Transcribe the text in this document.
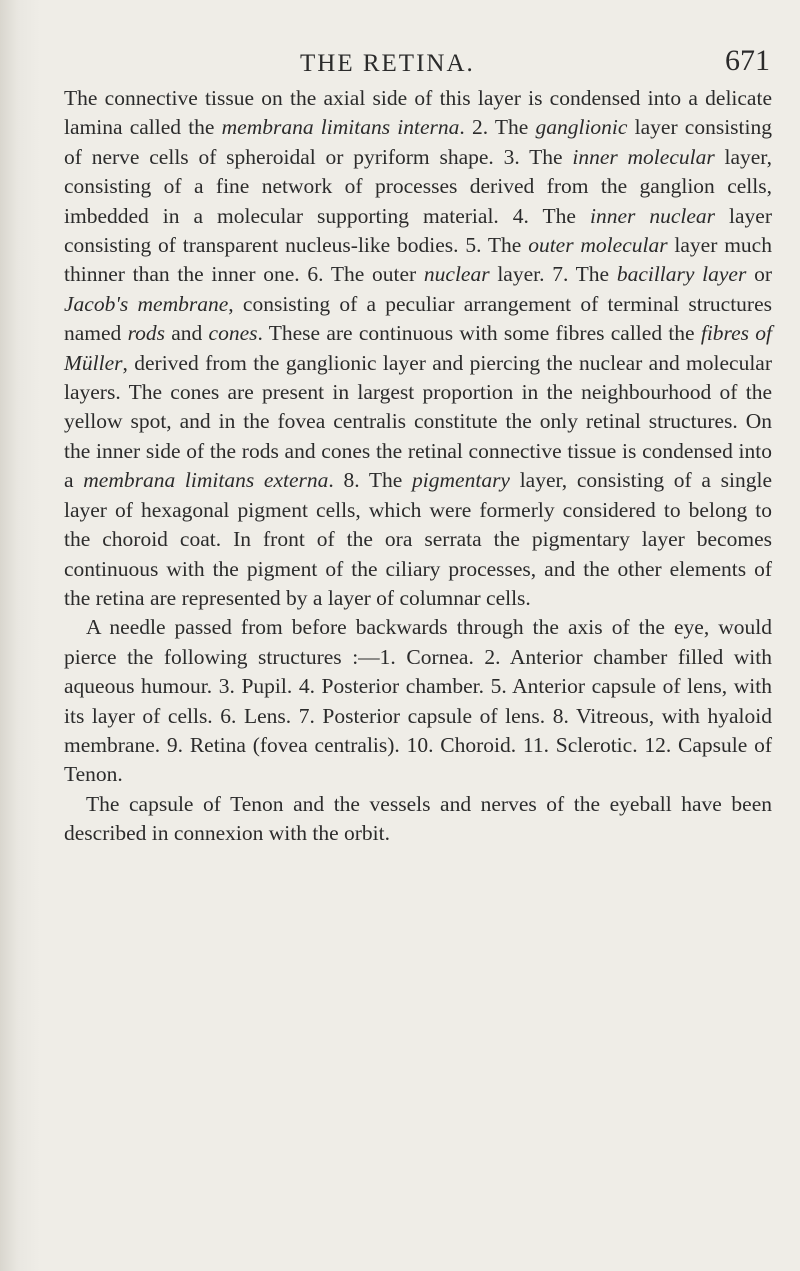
THE RETINA.	671

The connective tissue on the axial side of this layer is condensed into a delicate lamina called the membrana limitans interna. 2. The ganglionic layer consisting of nerve cells of spheroidal or pyriform shape. 3. The inner molecular layer, consisting of a fine network of processes derived from the ganglion cells, imbedded in a molecular supporting material. 4. The inner nuclear layer consisting of transparent nucleus-like bodies. 5. The outer molecular layer much thinner than the inner one. 6. The outer nuclear layer. 7. The bacillary layer or Jacob's membrane, consisting of a peculiar arrangement of terminal structures named rods and cones. These are continuous with some fibres called the fibres of Müller, derived from the ganglionic layer and piercing the nuclear and molecular layers. The cones are present in largest proportion in the neighbourhood of the yellow spot, and in the fovea centralis constitute the only retinal structures. On the inner side of the rods and cones the retinal connective tissue is condensed into a membrana limitans externa. 8. The pigmentary layer, consisting of a single layer of hexagonal pigment cells, which were formerly considered to belong to the choroid coat. In front of the ora serrata the pigmentary layer becomes continuous with the pigment of the ciliary processes, and the other elements of the retina are represented by a layer of columnar cells.

A needle passed from before backwards through the axis of the eye, would pierce the following structures :—1. Cornea. 2. Anterior chamber filled with aqueous humour. 3. Pupil. 4. Posterior chamber. 5. Anterior capsule of lens, with its layer of cells. 6. Lens. 7. Posterior capsule of lens. 8. Vitreous, with hyaloid membrane. 9. Retina (fovea centralis). 10. Choroid. 11. Sclerotic. 12. Capsule of Tenon.

The capsule of Tenon and the vessels and nerves of the eyeball have been described in connexion with the orbit.
